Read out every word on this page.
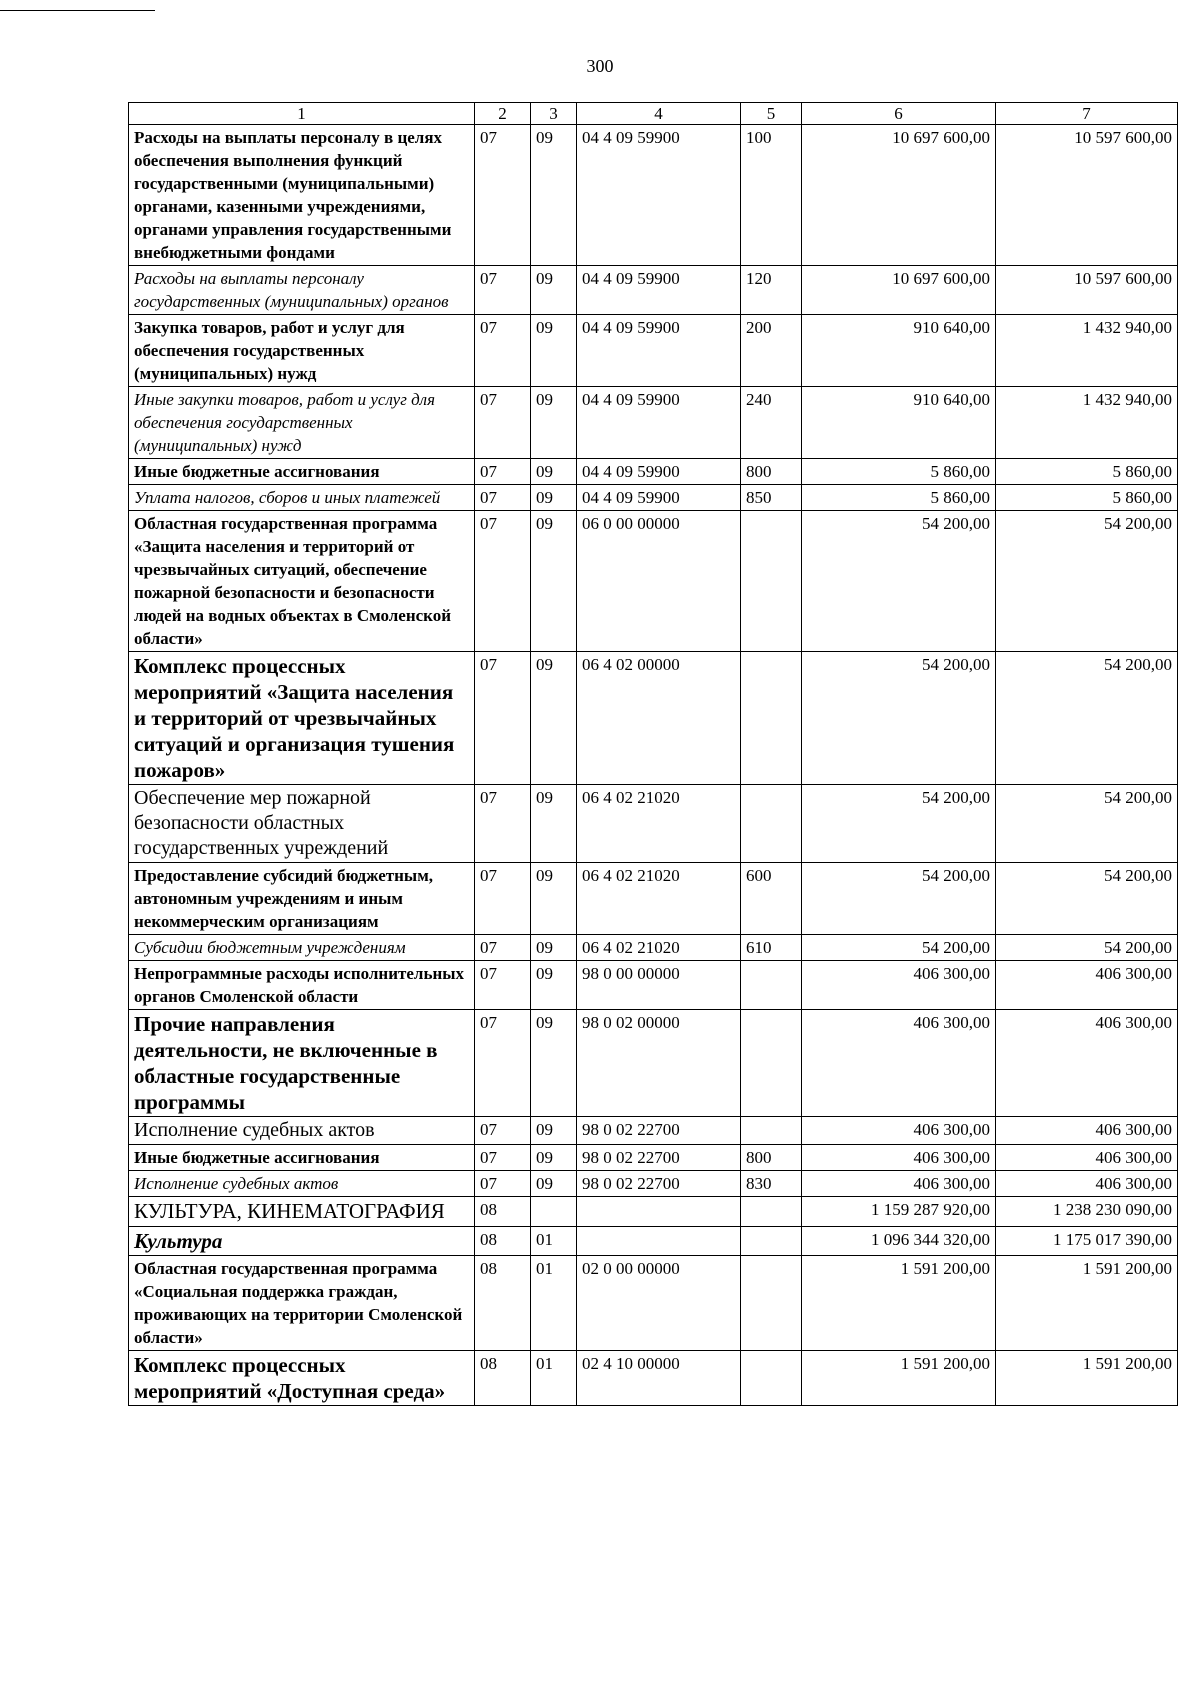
300
1	2	3	4	5	6	7
Расходы на выплаты персоналу в целях обеспечения выполнения функций государственными (муниципальными) органами, казенными учреждениями, органами управления государственными внебюджетными фондами	07	09	04 4 09 59900	100	10 697 600,00	10 597 600,00
Расходы на выплаты персоналу государственных (муниципальных) органов	07	09	04 4 09 59900	120	10 697 600,00	10 597 600,00
Закупка товаров, работ и услуг для обеспечения государственных (муниципальных) нужд	07	09	04 4 09 59900	200	910 640,00	1 432 940,00
Иные закупки товаров, работ и услуг для обеспечения государственных (муниципальных) нужд	07	09	04 4 09 59900	240	910 640,00	1 432 940,00
Иные бюджетные ассигнования	07	09	04 4 09 59900	800	5 860,00	5 860,00
Уплата налогов, сборов и иных платежей	07	09	04 4 09 59900	850	5 860,00	5 860,00
Областная государственная программа «Защита населения и территорий от чрезвычайных ситуаций, обеспечение пожарной безопасности и безопасности людей на водных объектах в Смоленской области»	07	09	06 0 00 00000		54 200,00	54 200,00
Комплекс процессных мероприятий «Защита населения и территорий от чрезвычайных ситуаций и организация тушения пожаров»	07	09	06 4 02 00000		54 200,00	54 200,00
Обеспечение мер пожарной безопасности областных государственных учреждений	07	09	06 4 02 21020		54 200,00	54 200,00
Предоставление субсидий бюджетным, автономным учреждениям и иным некоммерческим организациям	07	09	06 4 02 21020	600	54 200,00	54 200,00
Субсидии бюджетным учреждениям	07	09	06 4 02 21020	610	54 200,00	54 200,00
Непрограммные расходы исполнительных органов Смоленской области	07	09	98 0 00 00000		406 300,00	406 300,00
Прочие направления деятельности, не включенные в областные государственные программы	07	09	98 0 02 00000		406 300,00	406 300,00
Исполнение судебных актов	07	09	98 0 02 22700		406 300,00	406 300,00
Иные бюджетные ассигнования	07	09	98 0 02 22700	800	406 300,00	406 300,00
Исполнение судебных актов	07	09	98 0 02 22700	830	406 300,00	406 300,00
КУЛЬТУРА, КИНЕМАТОГРАФИЯ	08				1 159 287 920,00	1 238 230 090,00
Культура	08	01			1 096 344 320,00	1 175 017 390,00
Областная государственная программа «Социальная поддержка граждан, проживающих на территории Смоленской области»	08	01	02 0 00 00000		1 591 200,00	1 591 200,00
Комплекс процессных мероприятий «Доступная среда»	08	01	02 4 10 00000		1 591 200,00	1 591 200,00
